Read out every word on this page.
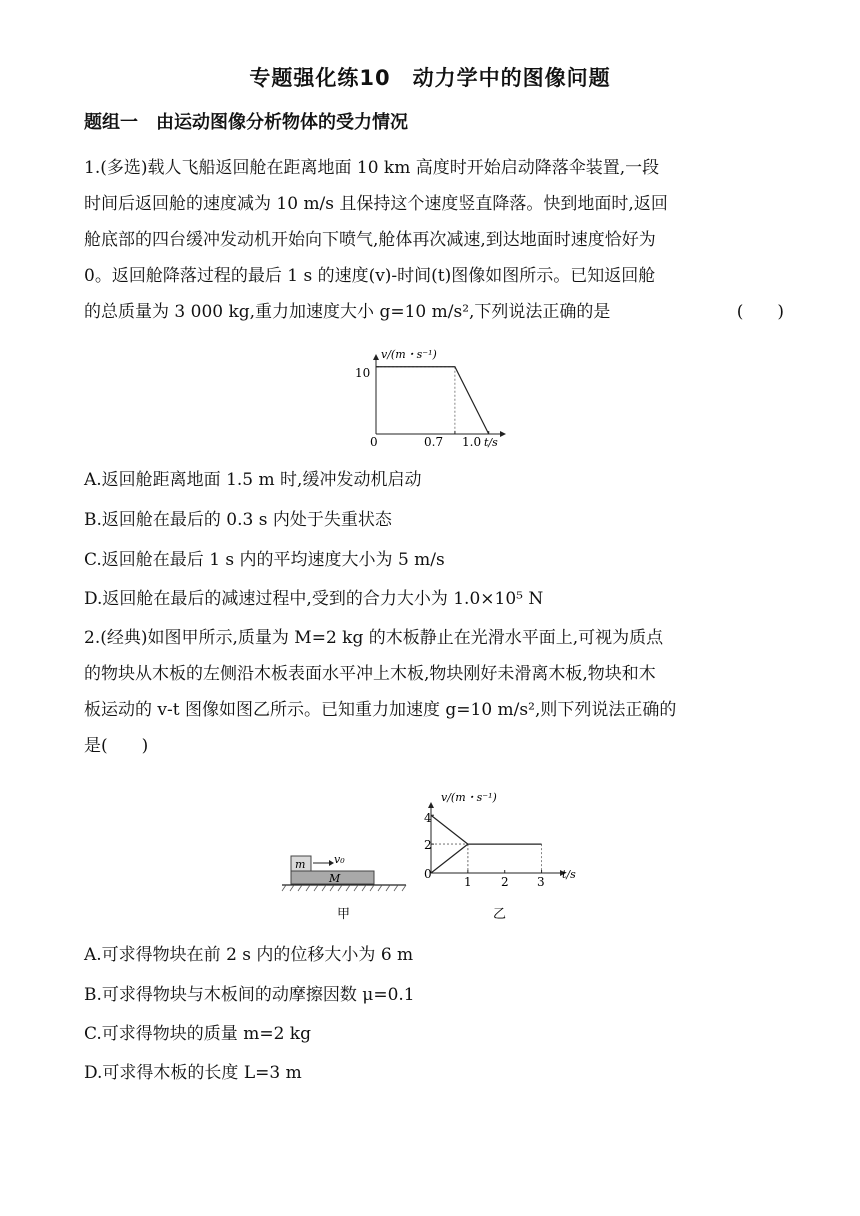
专题强化练10　动力学中的图像问题
题组一　由运动图像分析物体的受力情况
1.(多选)载人飞船返回舱在距离地面 10 km 高度时开始启动降落伞装置,一段
时间后返回舱的速度减为 10 m/s 且保持这个速度竖直降落。快到地面时,返回
舱底部的四台缓冲发动机开始向下喷气,舱体再次减速,到达地面时速度恰好为
0。返回舱降落过程的最后 1 s 的速度(v)-时间(t)图像如图所示。已知返回舱
的总质量为 3 000 kg,重力加速度大小 g=10 m/s²,下列说法正确的是	(　　)
v/(m・s⁻¹)
t/s
10
0	0.7 1.0
A.返回舱距离地面 1.5 m 时,缓冲发动机启动
B.返回舱在最后的 0.3 s 内处于失重状态
C.返回舱在最后 1 s 内的平均速度大小为 5 m/s
D.返回舱在最后的减速过程中,受到的合力大小为 1.0×10⁵ N
2.(经典)如图甲所示,质量为 M=2 kg 的木板静止在光滑水平面上,可视为质点
的物块从木板的左侧沿木板表面水平冲上木板,物块刚好未滑离木板,物块和木
板运动的 v-t 图像如图乙所示。已知重力加速度 g=10 m/s²,则下列说法正确的
是(　　)
m	v₀
M
甲
v/(m・s⁻¹)
t/s
4
2
0
1 2 3
乙
A.可求得物块在前 2 s 内的位移大小为 6 m
B.可求得物块与木板间的动摩擦因数 μ=0.1
C.可求得物块的质量 m=2 kg
D.可求得木板的长度 L=3 m
